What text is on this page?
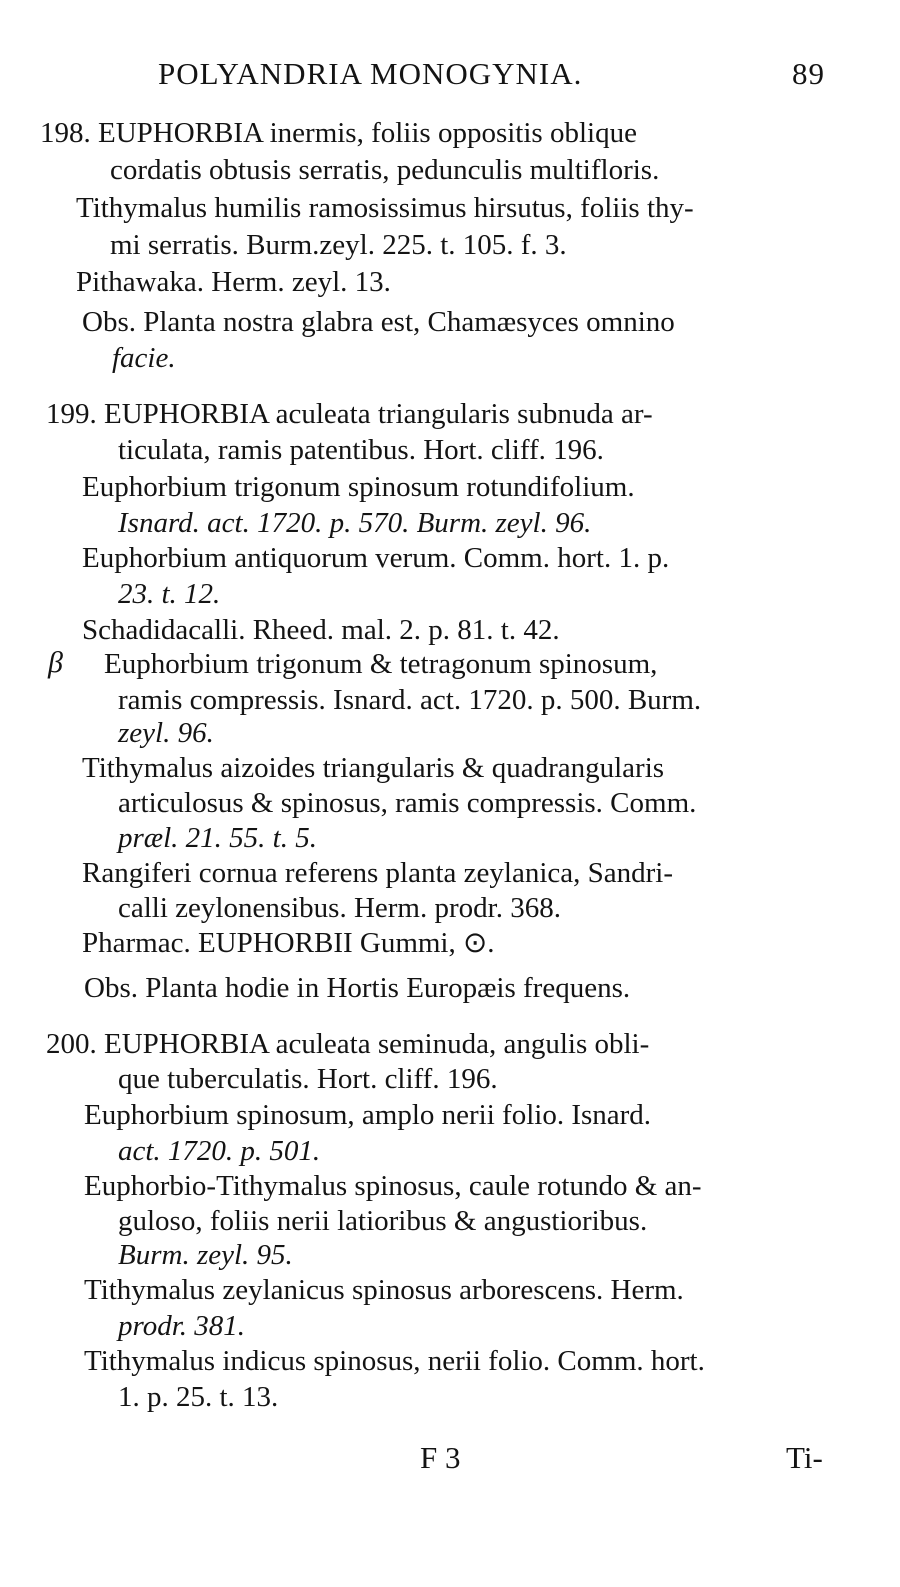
POLYANDRIA MONOGYNIA.	89
198. EUPHORBIA inermis, foliis oppositis oblique
cordatis obtusis serratis, pedunculis multifloris.
Tithymalus humilis ramosissimus hirsutus, foliis thy-
mi serratis. Burm.zeyl. 225. t. 105. f. 3.
Pithawaka. Herm. zeyl. 13.
Obs. Planta nostra glabra est, Chamæsyces omnino
facie.
199. EUPHORBIA aculeata triangularis subnuda ar-
ticulata, ramis patentibus. Hort. cliff. 196.
Euphorbium trigonum spinosum rotundifolium.
Isnard. act. 1720. p. 570. Burm. zeyl. 96.
Euphorbium antiquorum verum. Comm. hort. 1. p.
23. t. 12.
Schadidacalli. Rheed. mal. 2. p. 81. t. 42.
β Euphorbium trigonum & tetragonum spinosum,
ramis compressis. Isnard. act. 1720. p. 500. Burm.
zeyl. 96.
Tithymalus aizoides triangularis & quadrangularis
articulosus & spinosus, ramis compressis. Comm.
præl. 21. 55. t. 5.
Rangiferi cornua referens planta zeylanica, Sandri-
calli zeylonensibus. Herm. prodr. 368.
Pharmac. EUPHORBII Gummi, ⊙.
Obs. Planta hodie in Hortis Europæis frequens.
200. EUPHORBIA aculeata seminuda, angulis obli-
que tuberculatis. Hort. cliff. 196.
Euphorbium spinosum, amplo nerii folio. Isnard.
act. 1720. p. 501.
Euphorbio-Tithymalus spinosus, caule rotundo & an-
guloso, foliis nerii latioribus & angustioribus.
Burm. zeyl. 95.
Tithymalus zeylanicus spinosus arborescens. Herm.
prodr. 381.
Tithymalus indicus spinosus, nerii folio. Comm. hort.
1. p. 25. t. 13.
F 3	Ti-
